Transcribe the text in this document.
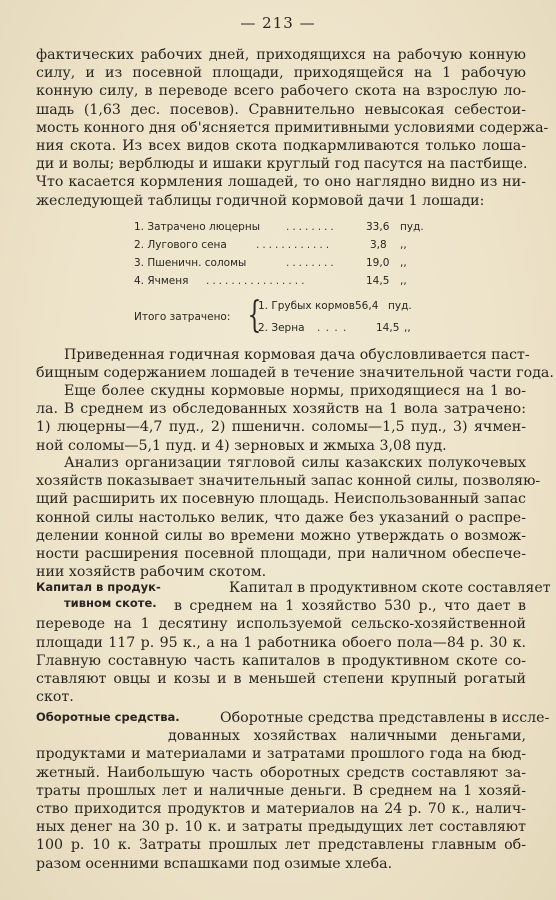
— 213 —
фактических рабочих дней, приходящихся на рабочую конную
силу, и из посевной площади, приходящейся на 1 рабочую
конную силу, в переводе всего рабочего скота на взрослую ло-
шадь (1,63 дес. посевов). Сравнительно невысокая себестои-
мость конного дня об'ясняется примитивными условиями содержа-
ния скота. Из всех видов скота подкармливаются только лоша-
ди и волы; верблюды и ишаки круглый год пасутся на пастбище.
Что касается кормления лошадей, то оно наглядно видно из ни-
жеследующей таблицы годичной кормовой дачи 1 лошади:
1. Затрачено люцерны ........	33,6 пуд.
2. Лугового сена	............	3,8 ,,
3. Пшеничн. соломы	........	19,0 ,,
4. Ячменя ................	14,5 ,,
Итого затрачено: {
1. Грубых кормов 56,4 пуд.
2. Зерна . . . .	14,5 ,,
Приведенная годичная кормовая дача обусловливается паст-
бищным содержанием лошадей в течение значительной части года.
Еще более скудны кормовые нормы, приходящиеся на 1 во-
ла. В среднем из обследованных хозяйств на 1 вола затрачено:
1) люцерны—4,7 пуд., 2) пшеничн. соломы—1,5 пуд., 3) ячмен-
ной соломы—5,1 пуд. и 4) зерновых и жмыха 3,08 пуд.
Анализ организации тягловой силы казакских полукочевых
хозяйств показывает значительный запас конной силы, позволяю-
щий расширить их посевную площадь. Неиспользованный запас
конной силы настолько велик, что даже без указаний о распре-
делении конной силы во времени можно утверждать о возмож-
ности расширения посевной площади, при наличном обеспече-
нии хозяйств рабочим скотом.
Капитал в продук-
тивном скоте.
Капитал в продуктивном скоте составляет
в среднем на 1 хозяйство 530 р., что дает в
переводе на 1 десятину используемой сельско-хозяйственной
площади 117 р. 95 к., а на 1 работника обоего пола—84 р. 30 к.
Главную составную часть капиталов в продуктивном скоте со-
ставляют овцы и козы и в меньшей степени крупный рогатый
скот.
Оборотные средства.	Оборотные средства представлены в иссле-
дованных хозяйствах наличными деньгами,
продуктами и материалами и затратами прошлого года на бюд-
жетный. Наибольшую часть оборотных средств составляют за-
траты прошлых лет и наличные деньги. В среднем на 1 хозяй-
ство приходится продуктов и материалов на 24 р. 70 к., налич-
ных денег на 30 р. 10 к. и затраты предыдущих лет составляют
100 р. 10 к. Затраты прошлых лет представлены главным об-
разом осенними вспашками под озимые хлеба.
